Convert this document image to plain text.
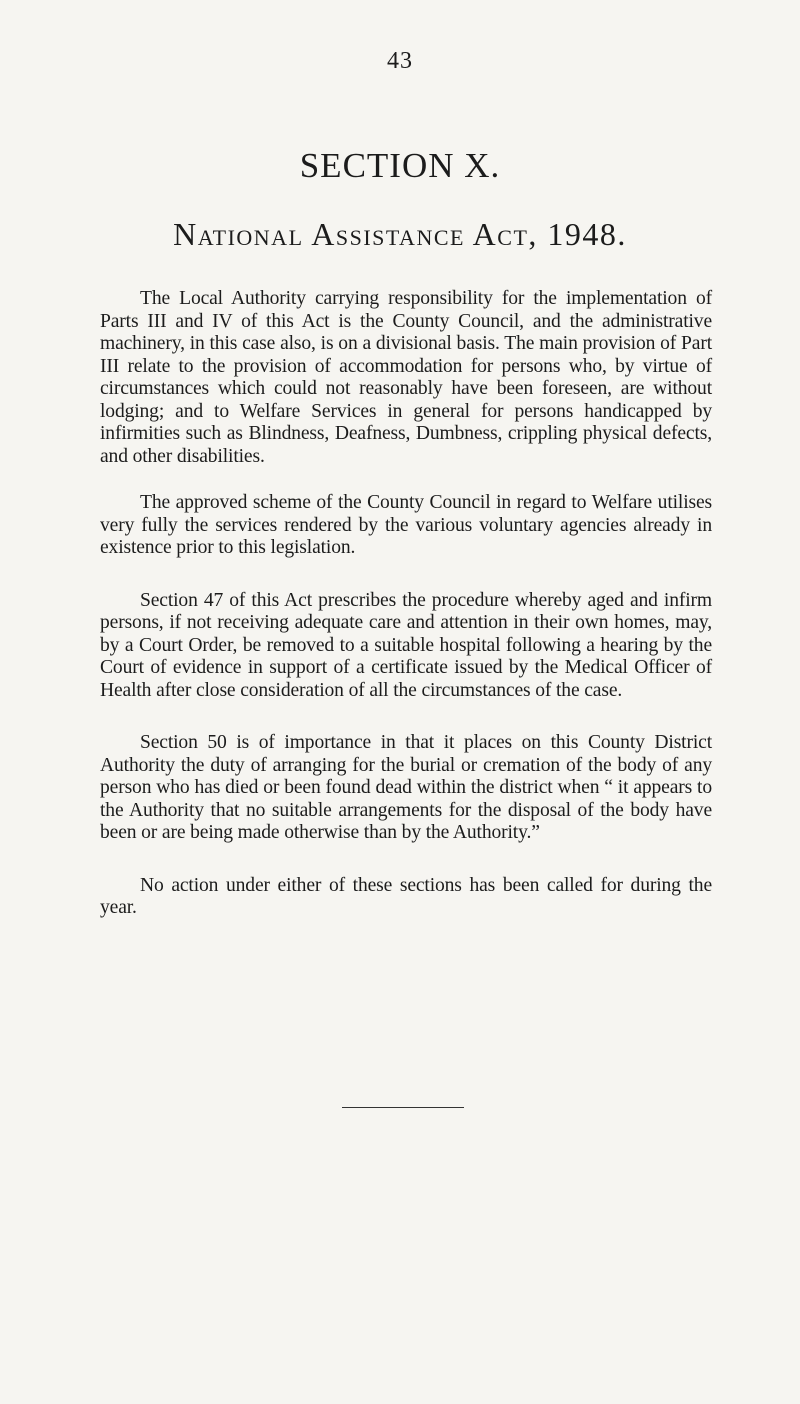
43
SECTION X.
National Assistance Act, 1948.

The Local Authority carrying responsibility for the implementation of Parts III and IV of this Act is the County Council, and the administrative machinery, in this case also, is on a divisional basis. The main provision of Part III relate to the provision of accommodation for persons who, by virtue of circumstances which could not reasonably have been foreseen, are without lodging; and to Welfare Services in general for persons handicapped by infirmities such as Blindness, Deafness, Dumbness, crippling physical defects, and other disabilities.

The approved scheme of the County Council in regard to Welfare utilises very fully the services rendered by the various voluntary agencies already in existence prior to this legislation.

Section 47 of this Act prescribes the procedure whereby aged and infirm persons, if not receiving adequate care and attention in their own homes, may, by a Court Order, be removed to a suitable hospital following a hearing by the Court of evidence in support of a certificate issued by the Medical Officer of Health after close consideration of all the circumstances of the case.

Section 50 is of importance in that it places on this County District Authority the duty of arranging for the burial or cremation of the body of any person who has died or been found dead within the district when “ it appears to the Authority that no suitable arrangements for the disposal of the body have been or are being made otherwise than by the Authority.”

No action under either of these sections has been called for during the year.
